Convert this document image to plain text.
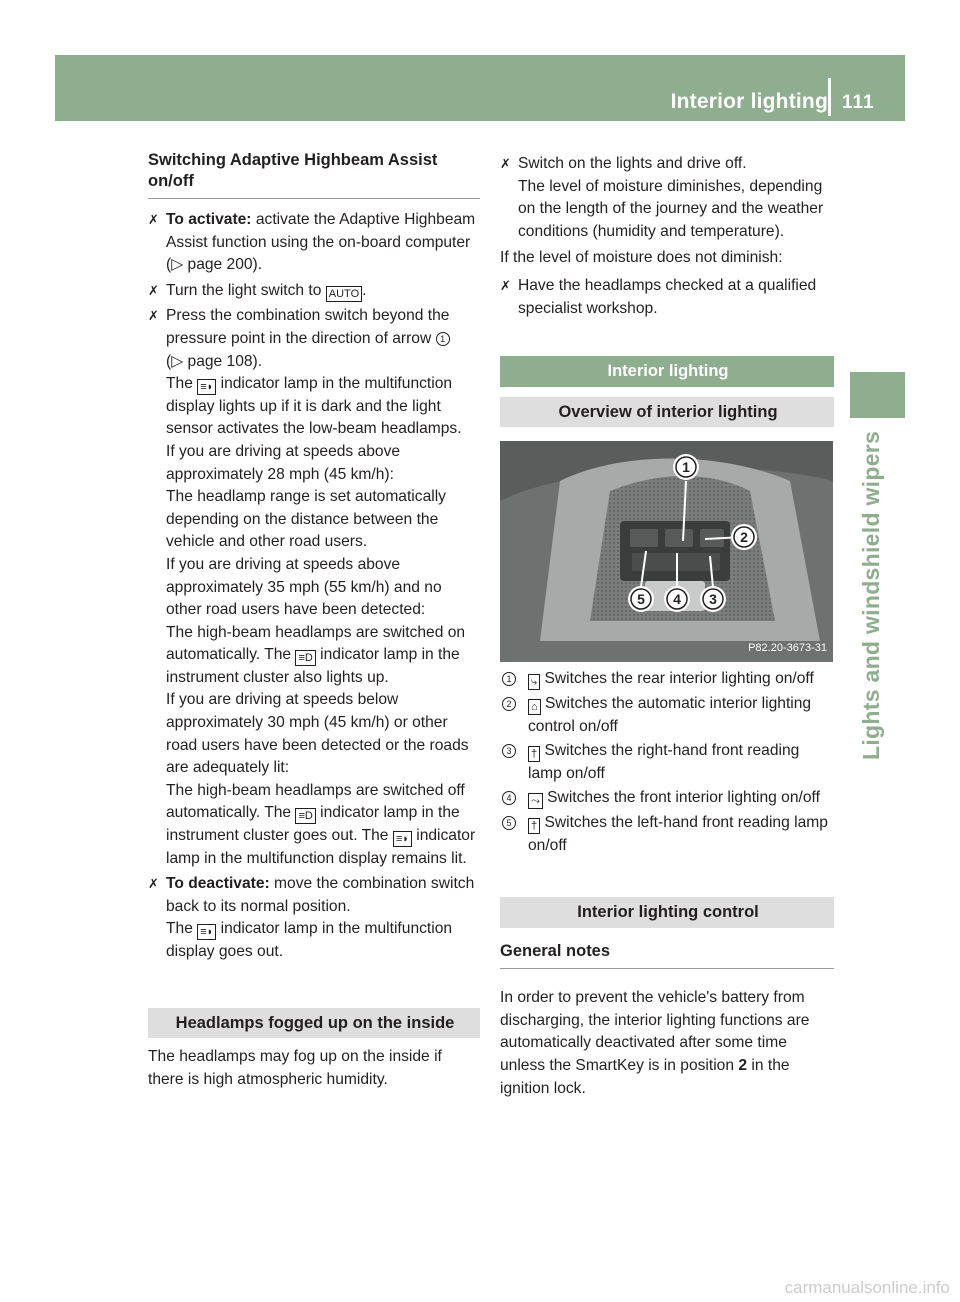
Interior lighting 111
Lights and windshield wipers
Switching Adaptive Highbeam Assist on/off
✗ To activate: activate the Adaptive Highbeam Assist function using the on-board computer (▷ page 200).

✗ Turn the light switch to AUTO .

✗ Press the combination switch beyond the pressure point in the direction of arrow 1

(▷ page 108).

The ≡◗ indicator lamp in the multifunction display lights up if it is dark and the light sensor activates the low-beam headlamps.

If you are driving at speeds above approximately 28 mph (45 km/h):

The headlamp range is set automatically depending on the distance between the vehicle and other road users.

If you are driving at speeds above approximately 35 mph (55 km/h) and no other road users have been detected:

The high-beam headlamps are switched on automatically. The ≡D indicator lamp in the instrument cluster also lights up.

If you are driving at speeds below approximately 30 mph (45 km/h) or other road users have been detected or the roads are adequately lit:

The high-beam headlamps are switched off automatically. The ≡D indicator lamp in the instrument cluster goes out. The ≡◗ indicator lamp in the multifunction display remains lit.

✗ To deactivate: move the combination switch back to its normal position.

The ≡◗ indicator lamp in the multifunction display goes out.

Headlamps fogged up on the inside

The headlamps may fog up on the inside if there is high atmospheric humidity.

✗ Switch on the lights and drive off.

The level of moisture diminishes, depending on the length of the journey and the weather conditions (humidity and temperature).

If the level of moisture does not diminish:

✗ Have the headlamps checked at a qualified specialist workshop.

Interior lighting
Overview of interior lighting
1
2
3
4
5
P82.20-3673-31
1	⤷ Switches the rear interior lighting on/off
2	⌂ Switches the automatic interior lighting control on/off
3	† Switches the right-hand front reading lamp on/off
4	⤳ Switches the front interior lighting on/off
5	† Switches the left-hand front reading lamp on/off
Interior lighting control
General notes

In order to prevent the vehicle's battery from discharging, the interior lighting functions are automatically deactivated after some time unless the SmartKey is in position 2 in the ignition lock.

carmanualsonline.info
